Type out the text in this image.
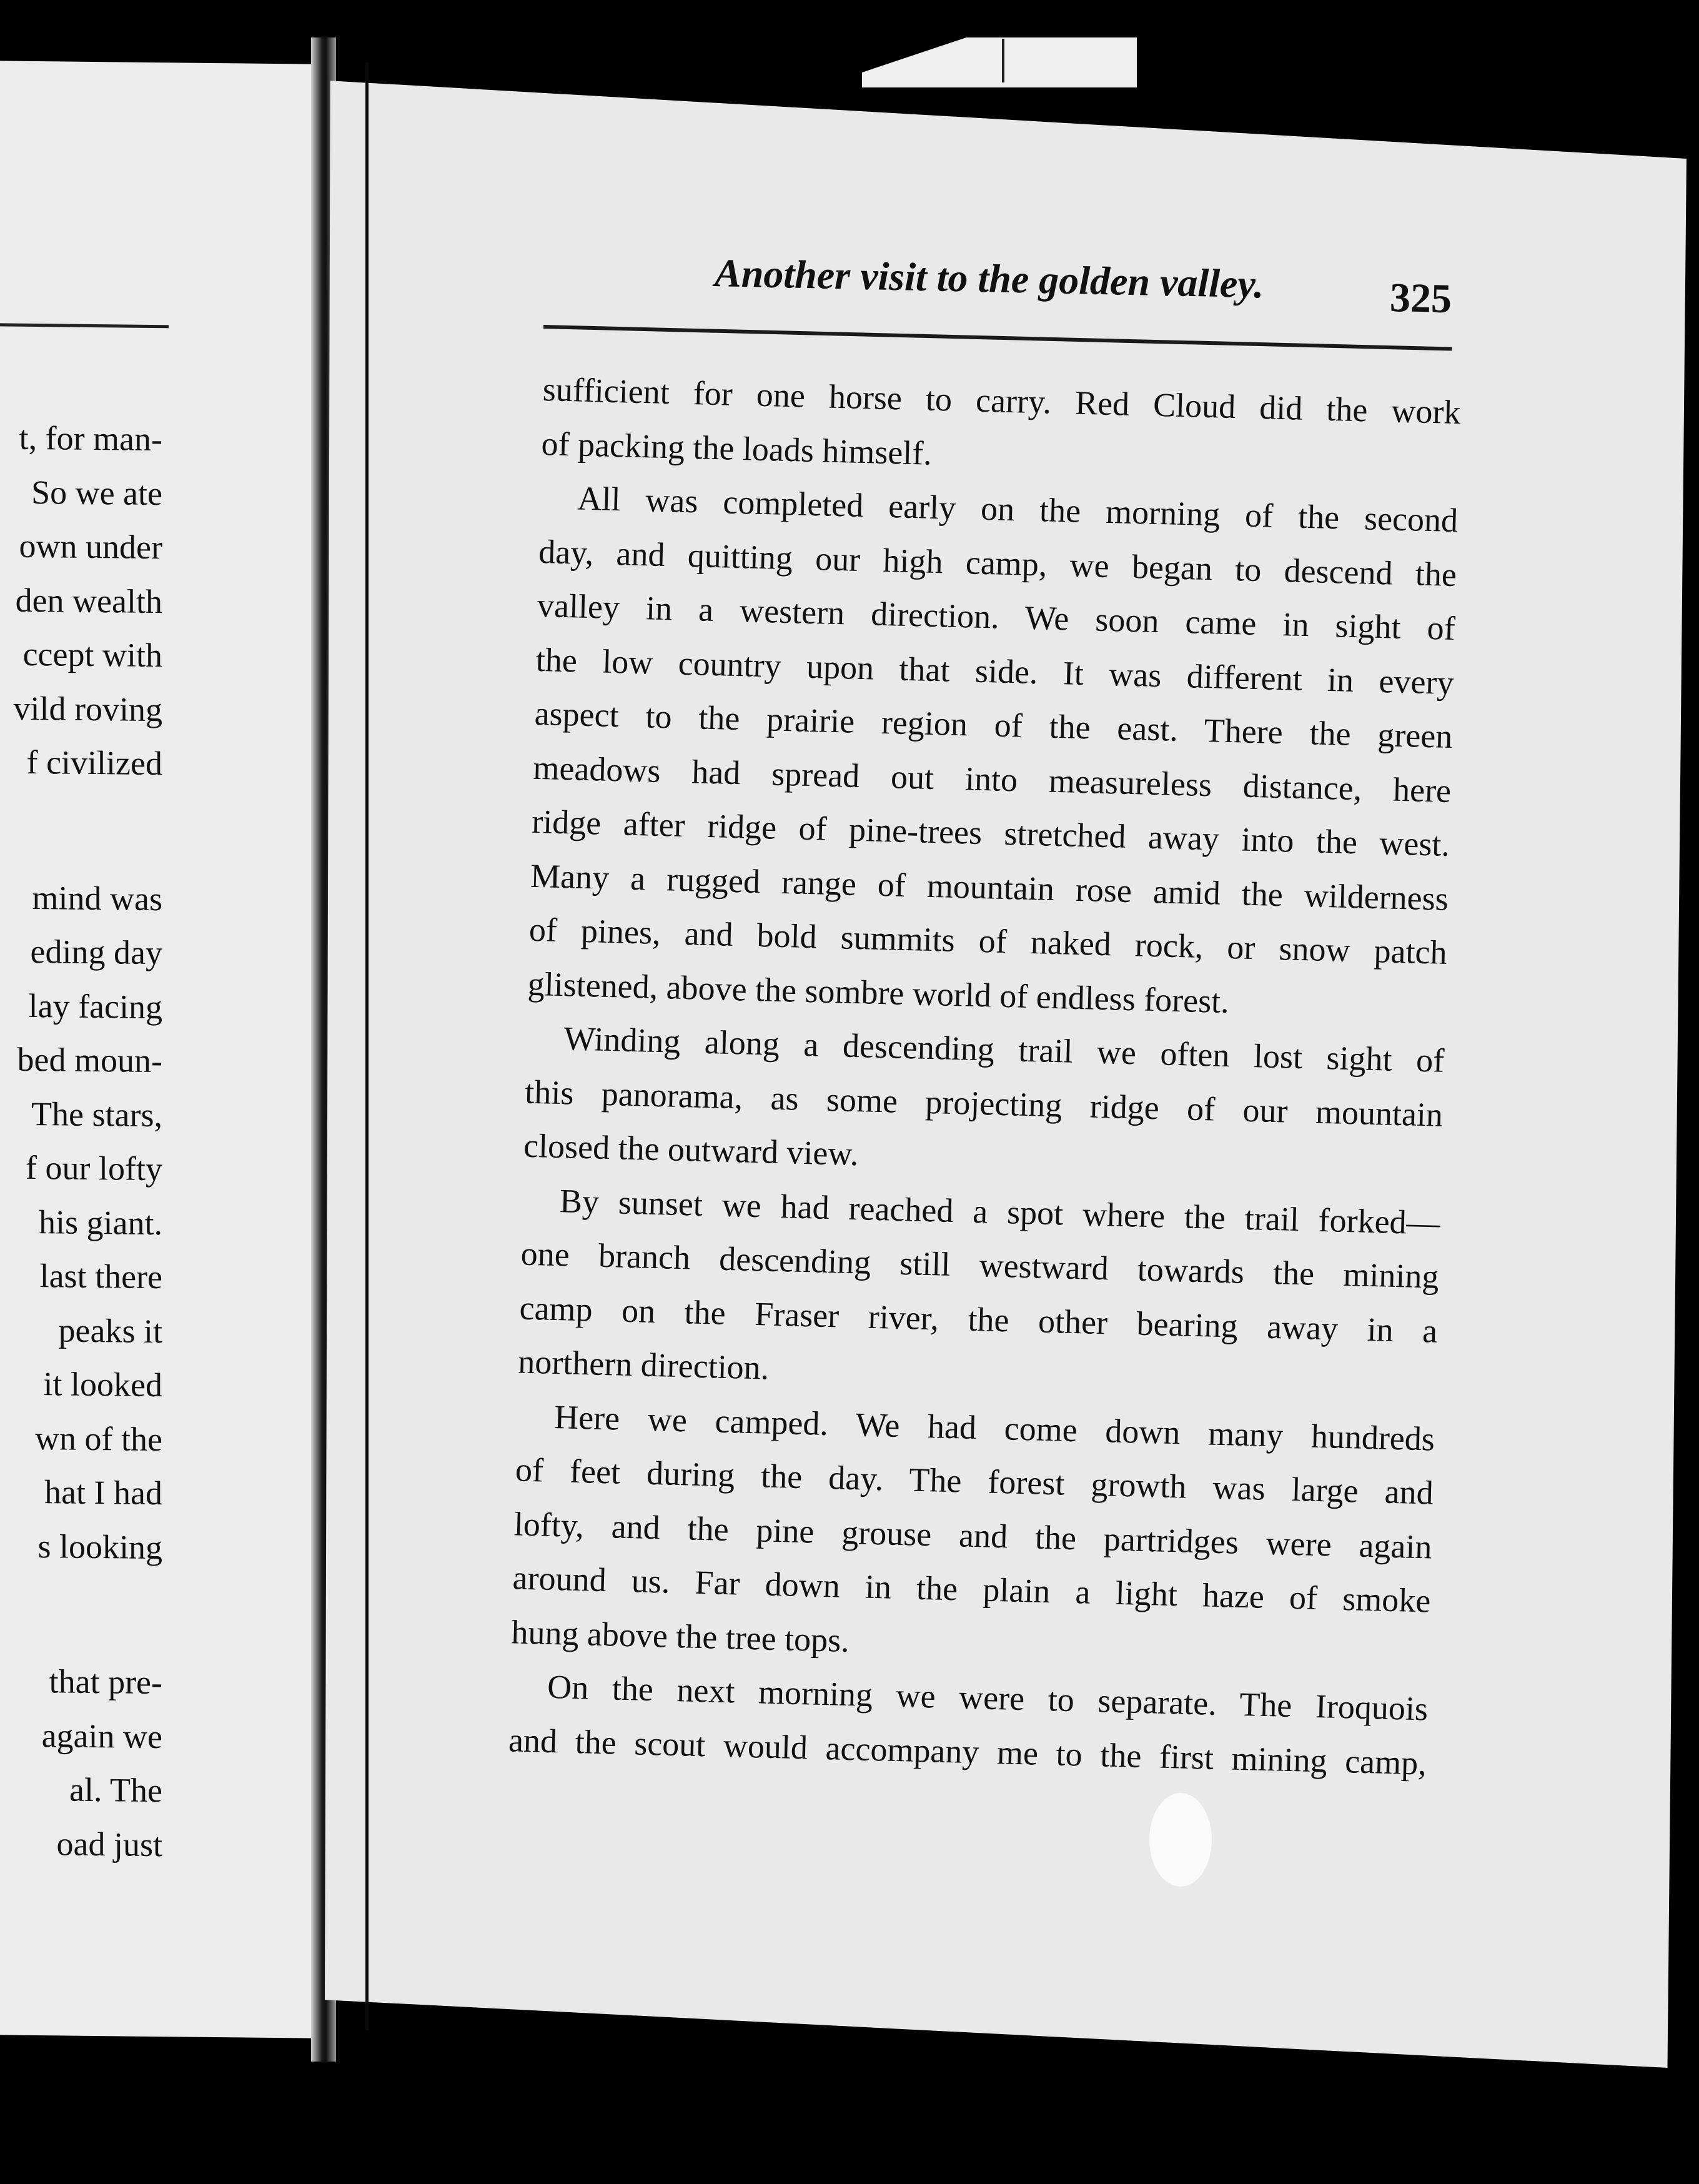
t, for man-
So we ate
own under
den wealth
ccept with
vild roving
f civilized
mind was
eding day
lay facing
bed moun-
The stars,
f our lofty
his giant.
last there
peaks it
it looked
wn of the
hat I had
s looking
that pre-
again we
al. The
oad just
Another visit to the golden valley.	325
sufficient for one horse to carry. Red Cloud did the work
of packing the loads himself.
All was completed early on the morning of the second
day, and quitting our high camp, we began to descend the
valley in a western direction. We soon came in sight of
the low country upon that side. It was different in every
aspect to the prairie region of the east. There the green
meadows had spread out into measureless distance, here
ridge after ridge of pine-trees stretched away into the west.
Many a rugged range of mountain rose amid the wilderness
of pines, and bold summits of naked rock, or snow patch
glistened, above the sombre world of endless forest.
Winding along a descending trail we often lost sight of
this panorama, as some projecting ridge of our mountain
closed the outward view.
By sunset we had reached a spot where the trail forked—
one branch descending still westward towards the mining
camp on the Fraser river, the other bearing away in a
northern direction.
Here we camped. We had come down many hundreds
of feet during the day. The forest growth was large and
lofty, and the pine grouse and the partridges were again
around us. Far down in the plain a light haze of smoke
hung above the tree tops.
On the next morning we were to separate. The Iroquois
and the scout would accompany me to the first mining camp,
